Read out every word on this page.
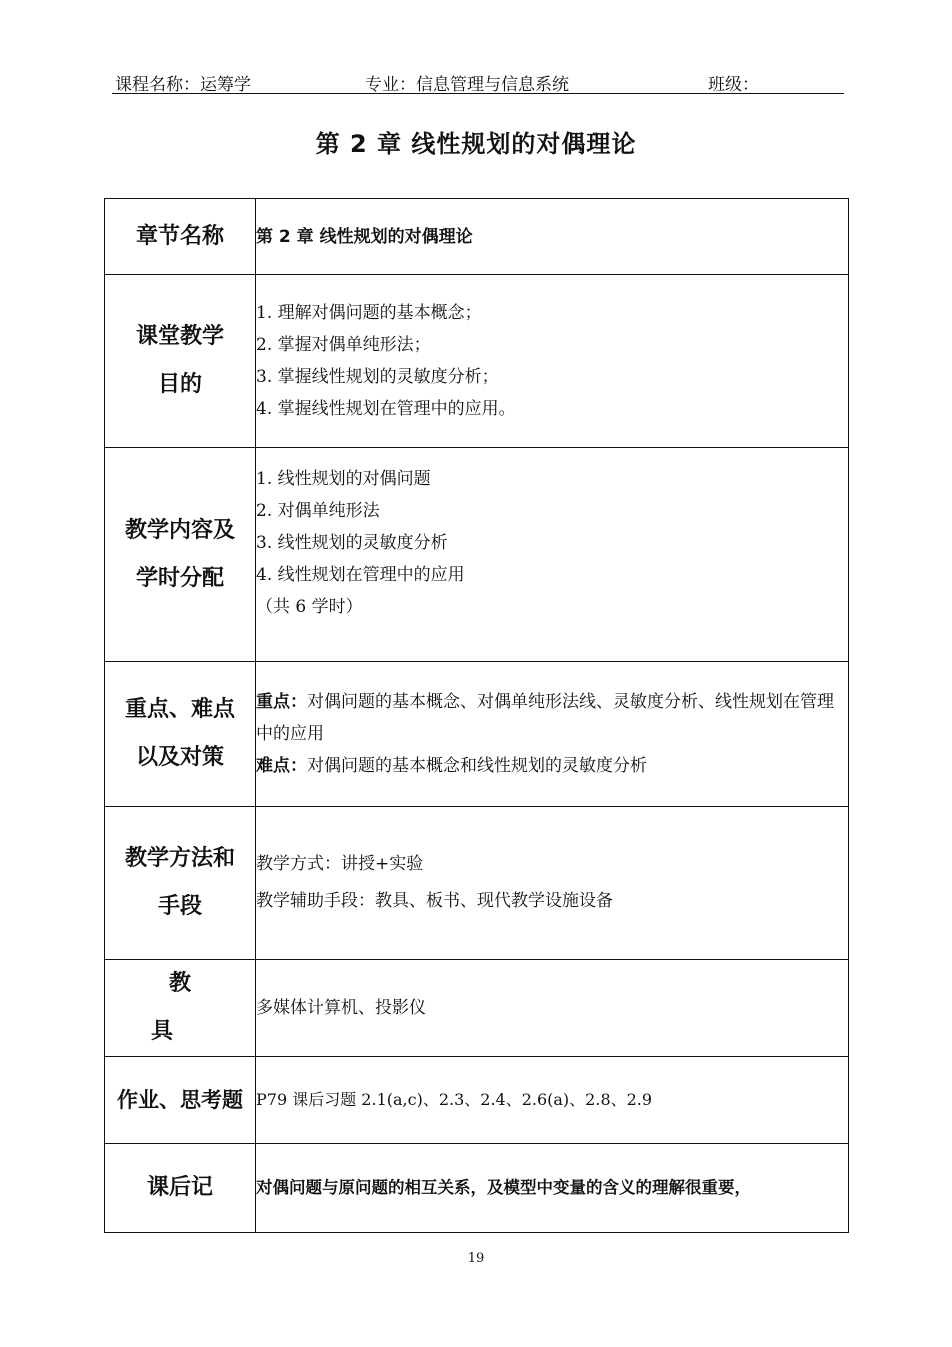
课程名称：运筹学	专业：信息管理与信息系统	班级：
第 2 章 线性规划的对偶理论
章节名称	第 2 章 线性规划的对偶理论

课堂教学
目的	1. 理解对偶问题的基本概念；
2. 掌握对偶单纯形法；
3. 掌握线性规划的灵敏度分析；
4. 掌握线性规划在管理中的应用。

教学内容及
学时分配	1. 线性规划的对偶问题
2. 对偶单纯形法
3. 线性规划的灵敏度分析
4. 线性规划在管理中的应用
（共 6 学时）

重点、难点
以及对策	重点：对偶问题的基本概念、对偶单纯形法线、灵敏度分析、线性规划在管理中的应用
难点：对偶问题的基本概念和线性规划的灵敏度分析

教学方法和
手段	教学方式：讲授+实验
教学辅助手段：教具、板书、现代教学设施设备

教具	多媒体计算机、投影仪
作业、思考题	P79 课后习题 2.1(a,c)、2.3、2.4、2.6(a)、2.8、2.9
课后记	对偶问题与原问题的相互关系，及模型中变量的含义的理解很重要，
19
